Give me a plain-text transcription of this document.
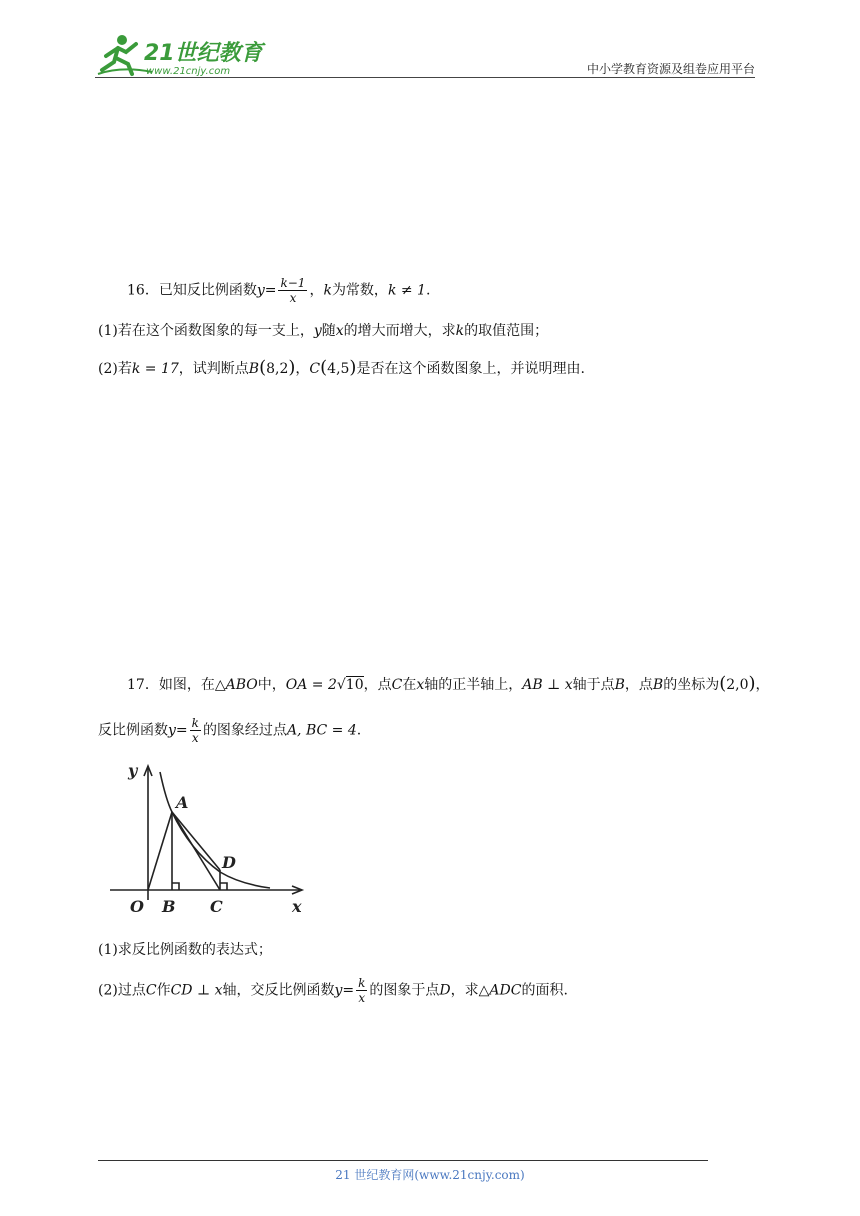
21世纪教育
www.21cnjy.com	中小学教育资源及组卷应用平台
16．已知反比例函数$y= \frac{k-1}{x}$ ，k为常数，k ≠ 1.
(1)若在这个函数图象的每一支上，y随x的增大而增大，求k的取值范围；
(2)若k = 17，试判断点B(8,2)，C(4,5)是否在这个函数图象上，并说明理由.
17．如图，在△ABO中，OA = 2√10，点C在x轴的正半轴上，AB ⊥ x轴于点B，点B的坐标为(2,0)，
反比例函数$y= \frac{k}{x}$ 的图象经过点A, BC = 4.
y
A
D
O B C	x
(1)求反比例函数的表达式；
(2)过点C作CD ⊥ x轴，交反比例函数$y= \frac{k}{x}$ 的图象于点D，求△ADC的面积.
21 世纪教育网(www.21cnjy.com)
